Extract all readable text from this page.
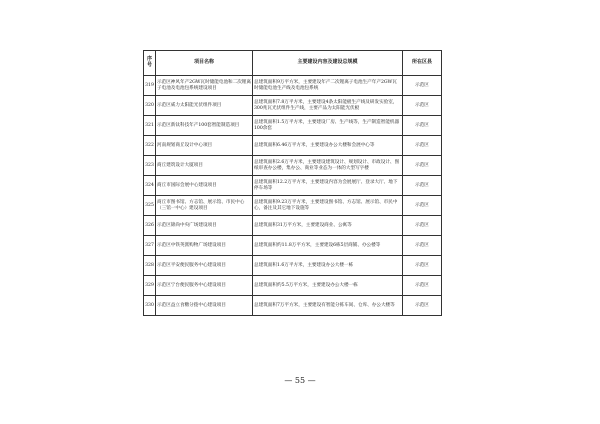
序号	项目名称	主要建设内容及建设总规模	所在区县
319	示范区神风年产2GW瓦时储能电池和二次锂离子电池及电池包系统建设项目	总建筑面积9万平方米，主要建设年产二次锂离子电池生产年产2GW瓦时储能电池生产线及电池包系统	示范区
320	示范区威力太阳能光伏组件项目	总建筑面积7.8万平方米，主要建设4条太阳能板生产线及研发实验室，300兆瓦光伏组件生产线，主要产品为太阳能光伏板	示范区
321	示范区新钛科技年产100套智能制造项目	总建筑面积1.5万平方米，主要建设厂房、生产线等，生产制造智能机器100余套	示范区
322	河南规划商丘设计中心项目	总建筑面积6.46万平方米，主要建设办公大楼和会展中心等	示范区
323	商丘建筑设计大厦项目	总建筑面积2.6万平方米，主要建设建筑设计、规划设计、市政设计、图纸审查办公楼，集办公、商业等业态为一体的大型写字楼	示范区
324	商丘市国际会展中心建设项目	总建筑面积12.2万平方米，主要建设内容为会展展厅、登录大厅、地下停车场等	示范区
325	商丘市图书馆、方志馆、展示馆、市民中心（三馆一中心）建设项目	总建筑面积9.23万平方米，主要建设图书馆、方志馆、展示馆、市民中心，备注及其它地下设施等	示范区
326	示范区锦尚中央广场建设项目	总建筑面积31万平方米，主要建设商业、公寓等	示范区
327	示范区中铁英派购物广场建设项目	总建筑面积约11.8万平方米，主要建设6栋5层商铺、办公楼等	示范区
328	示范区平安便民服务中心建设项目	总建筑面积1.6万平方米，主要建设办公大楼一栋	示范区
329	示范区宁台便民服务中心建设项目	总建筑面积约5.5万平方米，主要建设办公大楼一栋	示范区
330	示范区益立食糖分拨中心建设项目	总建筑面积7万平方米，主要建设有智能分拣车间、仓库、办公大楼等	示范区
— 55 —
